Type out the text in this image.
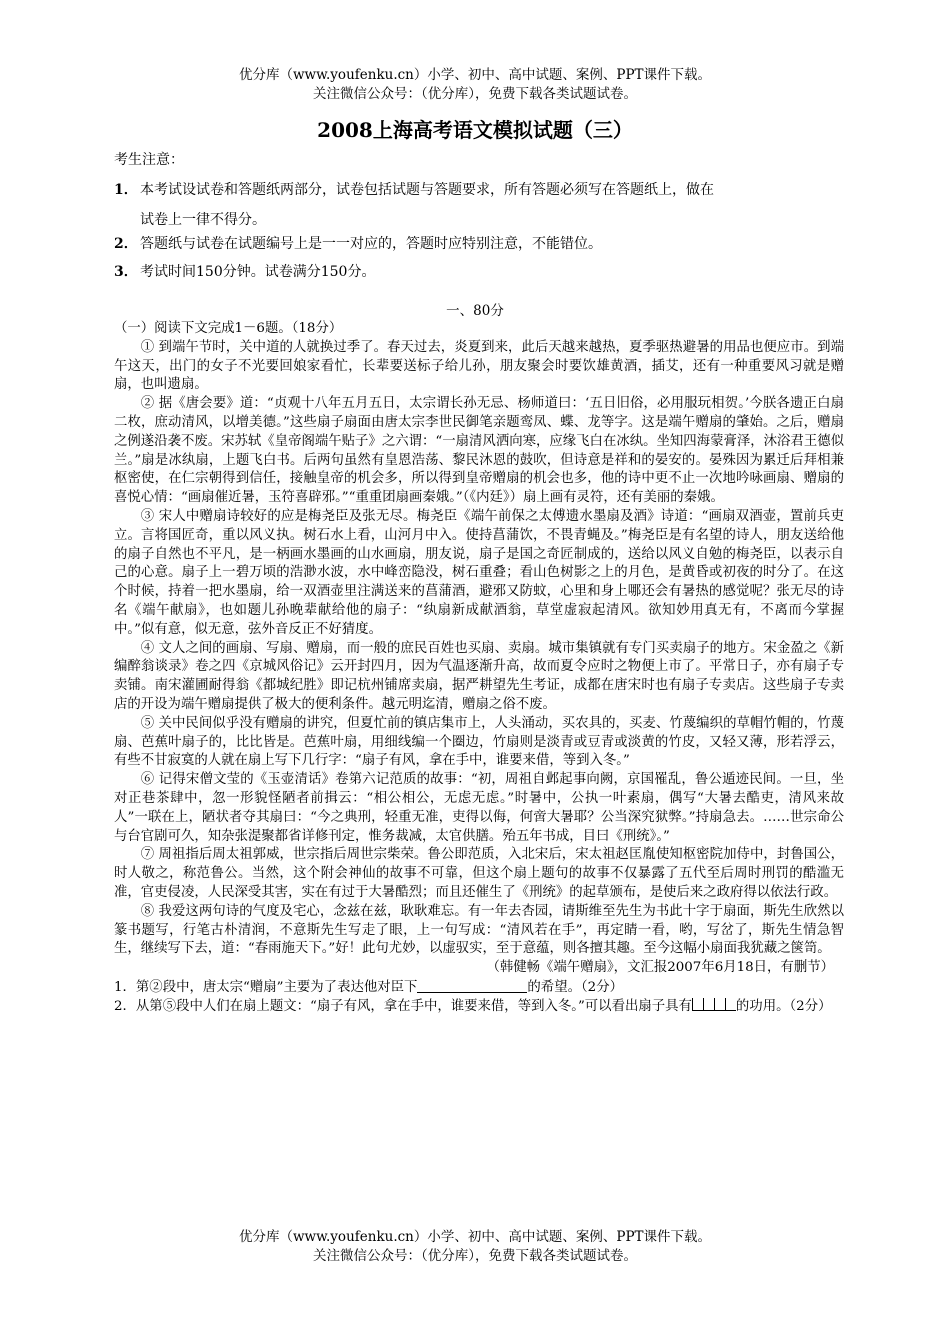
优分库（www.youfenku.cn）小学、初中、高中试题、案例、PPT课件下载。
关注微信公众号：（优分库），免费下载各类试题试卷。
2008上海高考语文模拟试题（三）
考生注意：
1． 本考试设试卷和答题纸两部分，试卷包括试题与答题要求，所有答题必须写在答题纸上，做在
试卷上一律不得分。
2． 答题纸与试卷在试题编号上是一一对应的，答题时应特别注意，不能错位。
3． 考试时间150分钟。试卷满分150分。
一、80分

（一）阅读下文完成1－6题。（18分）

① 到端午节时，关中道的人就换过季了。春天过去，炎夏到来，此后天越来越热，夏季驱热避暑的用品也便应市。到端午这天，出门的女子不光要回娘家看忙，长辈要送标子给儿孙，朋友聚会时要饮雄黄酒，插艾，还有一种重要风习就是赠扇，也叫遗扇。

② 据《唐会要》道：“贞观十八年五月五日，太宗谓长孙无忌、杨师道曰：‘五日旧俗，必用服玩相贺。’今朕各遗正白扇二枚，庶动清风，以增美德。”这些扇子扇面由唐太宗李世民御笔亲题鸾凤、蝶、龙等字。这是端午赠扇的肇始。之后，赠扇之例遂沿袭不废。宋苏轼《皇帝阁端午贴子》之六谓：“一扇清风洒向寒，应缘飞白在冰纨。坐知四海蒙膏泽，沐浴君王德似兰。”扇是冰纨扇，上题飞白书。后两句虽然有皇恩浩荡、黎民沐恩的鼓吹，但诗意是祥和的晏安的。晏殊因为累迁后拜相兼枢密使，在仁宗朝得到信任，接触皇帝的机会多，所以得到皇帝赠扇的机会也多，他的诗中更不止一次地吟咏画扇、赠扇的喜悦心情：“画扇催近暑，玉符喜辟邪。”“重重团扇画秦娥。”（《内廷》）扇上画有灵符，还有美丽的秦娥。

③ 宋人中赠扇诗较好的应是梅尧臣及张无尽。梅尧臣《端午前保之太傅遗水墨扇及酒》诗道：“画扇双酒壶，置前兵吏立。言将国匠奇，重以风义执。树石水上看，山河月中入。使持菖蒲饮，不畏青蝇及。”梅尧臣是有名望的诗人，朋友送给他的扇子自然也不平凡，是一柄画水墨画的山水画扇，朋友说，扇子是国之奇匠制成的，送给以风义自勉的梅尧臣，以表示自己的心意。扇子上一碧万顷的浩渺水波，水中峰峦隐没，树石重叠；看山色树影之上的月色，是黄昏或初夜的时分了。在这个时候，持着一把水墨扇，给一双酒壶里注满送来的菖蒲酒，避邪又防蚊，心里和身上哪还会有暑热的感觉呢？张无尽的诗名《端午献扇》，也如题儿孙晚辈献给他的扇子：“纨扇新成献酒翁，草堂虚寂起清风。欲知妙用真无有，不离而今掌握中。”似有意，似无意，弦外音反正不好猜度。

④ 文人之间的画扇、写扇、赠扇，而一般的庶民百姓也买扇、卖扇。城市集镇就有专门买卖扇子的地方。宋金盈之《新编醉翁谈录》卷之四《京城风俗记》云开封四月，因为气温逐渐升高，故而夏令应时之物便上市了。平常日子，亦有扇子专卖铺。南宋灌圃耐得翁《都城纪胜》即记杭州铺席卖扇，据严耕望先生考证，成都在唐宋时也有扇子专卖店。这些扇子专卖店的开设为端午赠扇提供了极大的便利条件。越元明迄清，赠扇之俗不废。

⑤ 关中民间似乎没有赠扇的讲究，但夏忙前的镇店集市上，人头涌动，买农具的，买麦、竹蔑编织的草帽竹帽的，竹蔑扇、芭蕉叶扇子的，比比皆是。芭蕉叶扇，用细线编一个圈边，竹扇则是淡青或豆青或淡黄的竹皮，又轻又薄，形若浮云，有些不甘寂寞的人就在扇上写下几行字：“扇子有风，拿在手中，谁要来借，等到入冬。”

⑥ 记得宋僧文莹的《玉壶清话》卷第六记范质的故事：“初，周祖自邺起事向阙，京国罹乱，鲁公遁迹民间。一旦，坐对正巷茶肆中，忽一形貌怪陋者前揖云：“相公相公，无虑无虑。”时暑中，公执一叶素扇，偶写“大暑去酷吏，清风来故人”一联在上，陋状者夺其扇曰：“今之典刑，轻重无准，吏得以侮，何啻大暑耶？公当深究狱弊。”持扇急去。……世宗命公与台官剧可久，知杂张湜聚都省详修刊定，惟务裁减，太官供膳。殆五年书成，目曰《刑统》。”

⑦ 周祖指后周太祖郭威，世宗指后周世宗柴荣。鲁公即范质，入北宋后，宋太祖赵匡胤使知枢密院加侍中，封鲁国公，时人敬之，称范鲁公。当然，这个附会神仙的故事不可靠，但这个扇上题句的故事不仅暴露了五代至后周时刑罚的酷滥无准，官吏侵凌，人民深受其害，实在有过于大暑酷烈；而且还催生了《刑统》的起草颁布，是使后来之政府得以依法行政。

⑧ 我爱这两句诗的气度及宅心，念兹在兹，耿耿难忘。有一年去杏园，请斯维至先生为书此十字于扇面，斯先生欣然以篆书题写，行笔古朴清润，不意斯先生写走了眼，上一句写成：“清风若在手”，再定睛一看，哟，写岔了，斯先生情急智生，继续写下去，道：“春雨施天下。”好！此句尤妙，以虚驭实，至于意蕴，则各擅其趣。至今这幅小扇面我犹藏之箧笥。

（韩健畅《端午赠扇》，文汇报2007年6月18日，有删节）

1．第②段中，唐太宗“赠扇”主要为了表达他对臣下	的希望。（2分）

2．从第⑤段中人们在扇上题文：“扇子有风，拿在手中，谁要来借，等到入冬。”可以看出扇子具有	的功用。（2分）

优分库（www.youfenku.cn）小学、初中、高中试题、案例、PPT课件下载。
关注微信公众号：（优分库），免费下载各类试题试卷。
